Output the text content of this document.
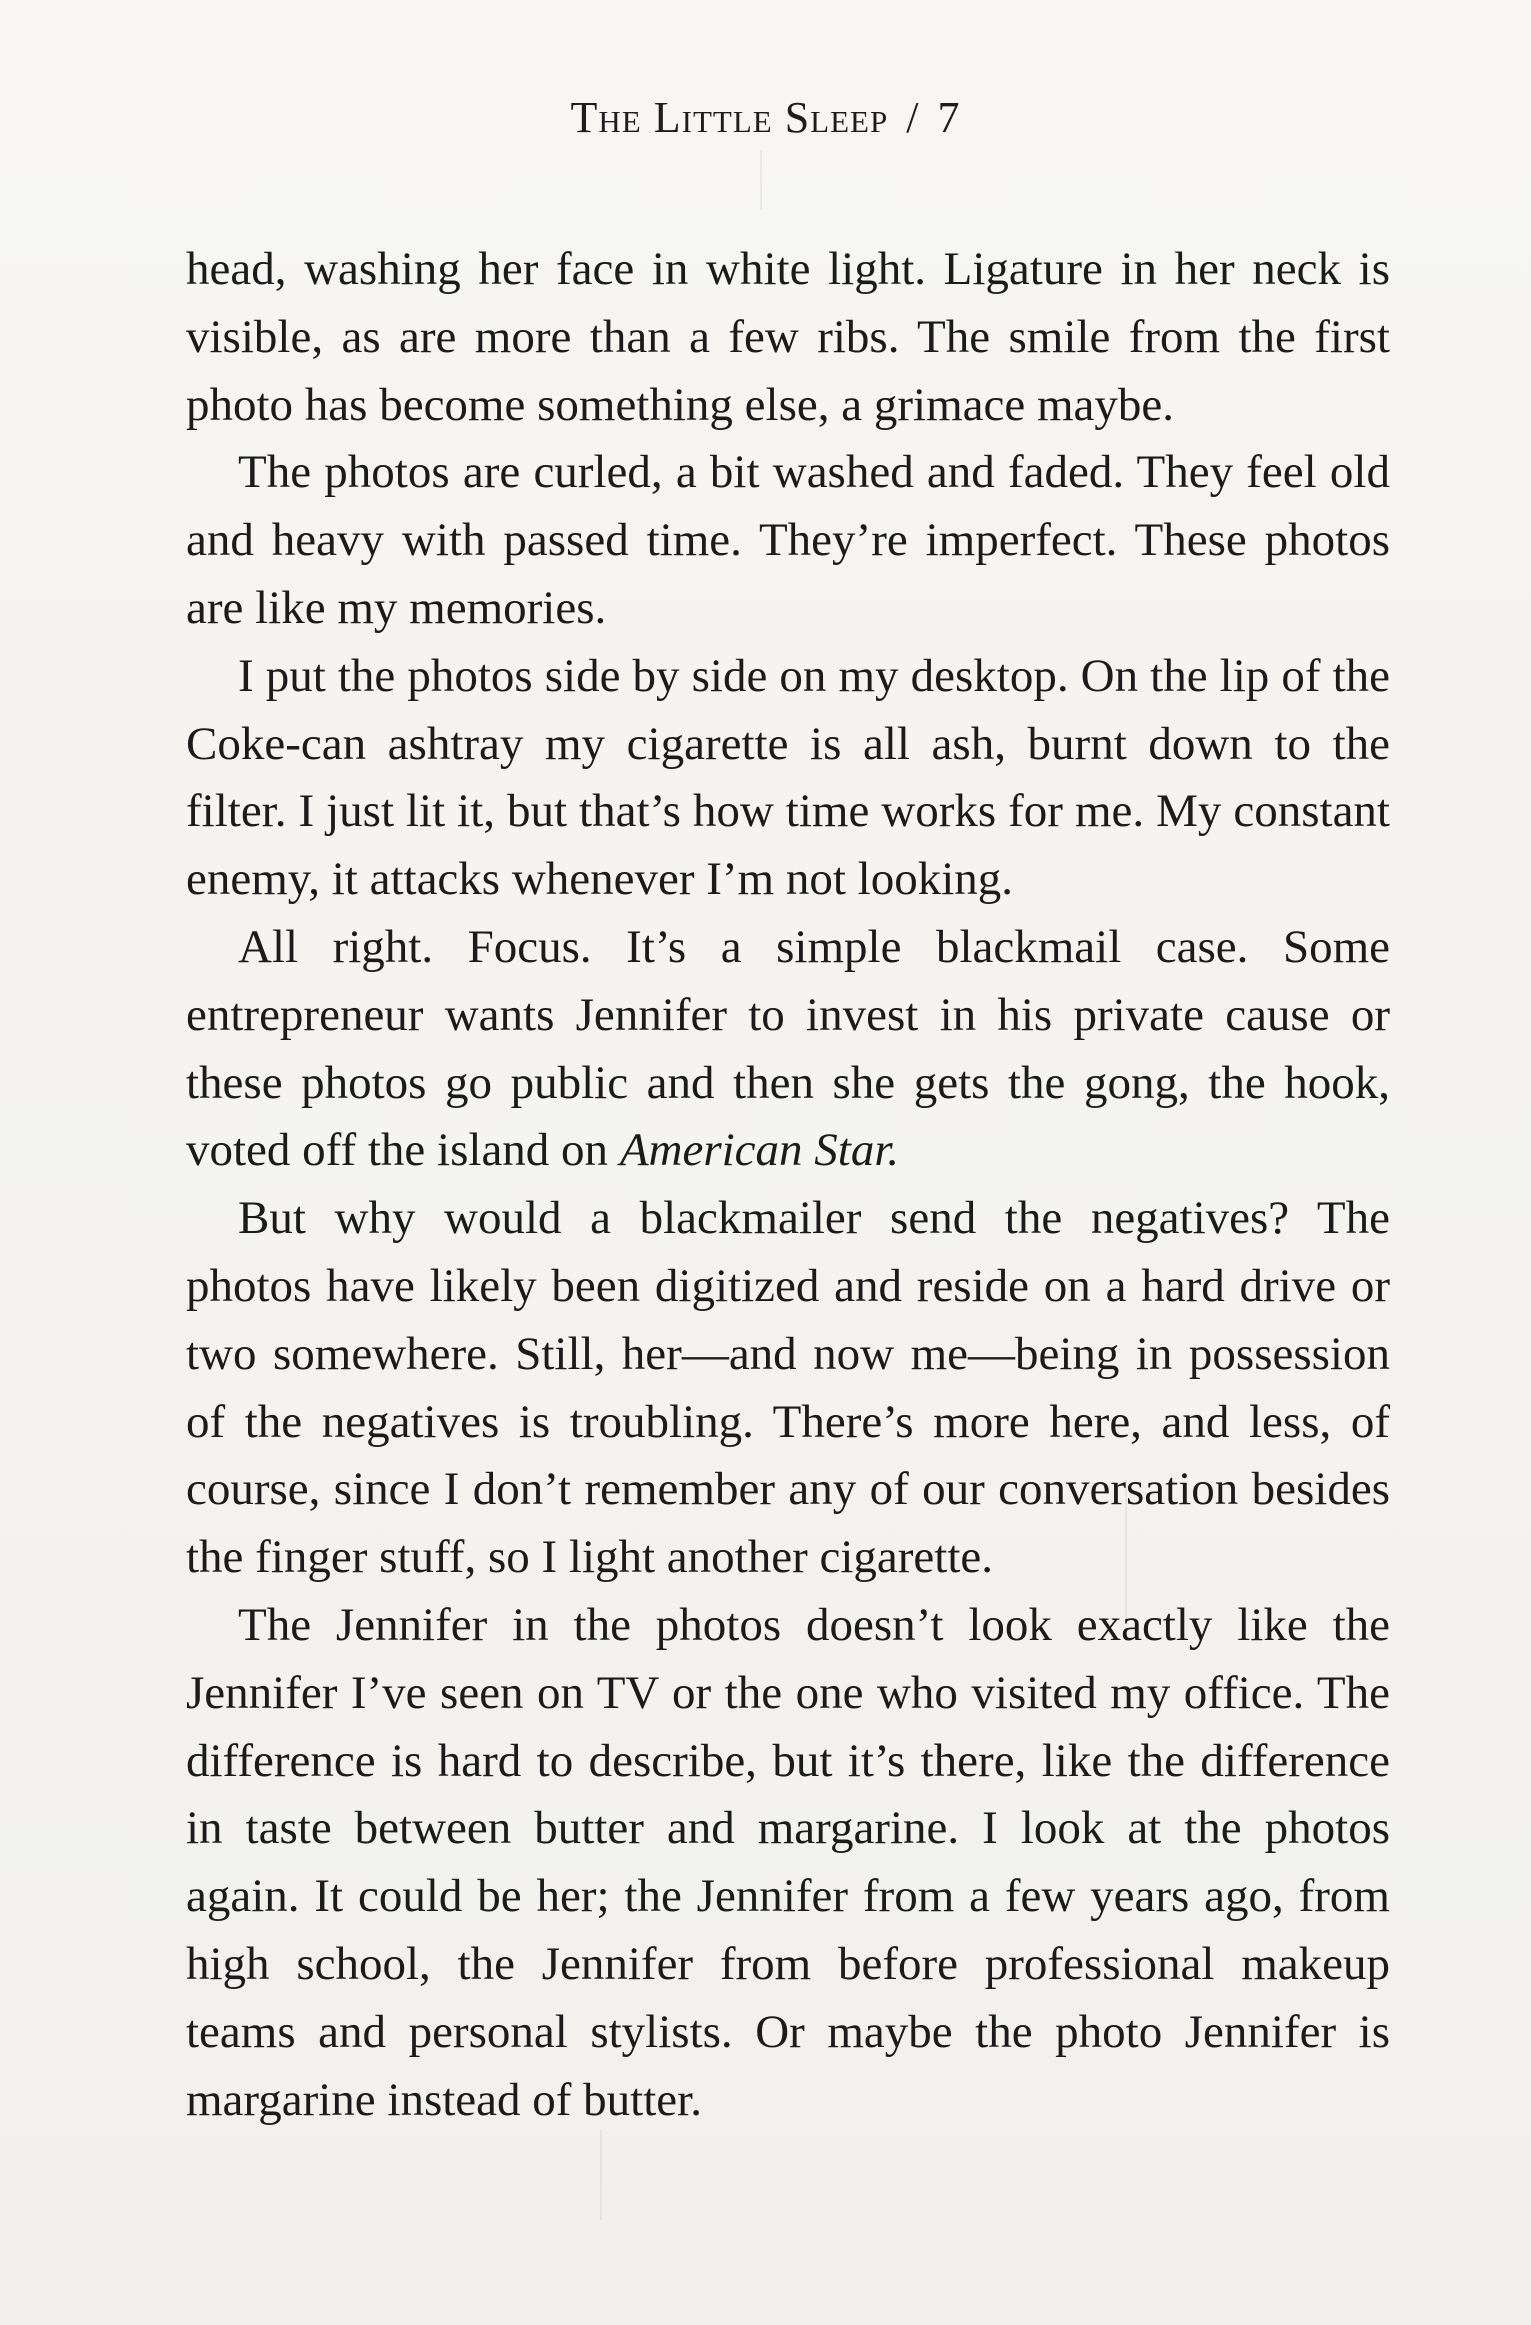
The Little Sleep / 7

head, washing her face in white light. Ligature in her neck is visible, as are more than a few ribs. The smile from the first photo has become something else, a grimace maybe.

The photos are curled, a bit washed and faded. They feel old and heavy with passed time. They’re imperfect. These photos are like my memories.

I put the photos side by side on my desktop. On the lip of the Coke-can ashtray my cigarette is all ash, burnt down to the filter. I just lit it, but that’s how time works for me. My constant enemy, it attacks whenever I’m not looking.

All right. Focus. It’s a simple blackmail case. Some entrepreneur wants Jennifer to invest in his private cause or these photos go public and then she gets the gong, the hook, voted off the island on American Star.

But why would a blackmailer send the negatives? The photos have likely been digitized and reside on a hard drive or two somewhere. Still, her—and now me—being in possession of the negatives is troubling. There’s more here, and less, of course, since I don’t remember any of our conversation besides the finger stuff, so I light another cigarette.

The Jennifer in the photos doesn’t look exactly like the Jennifer I’ve seen on TV or the one who visited my office. The difference is hard to describe, but it’s there, like the difference in taste between butter and margarine. I look at the photos again. It could be her; the Jennifer from a few years ago, from high school, the Jennifer from before professional makeup teams and personal stylists. Or maybe the photo Jennifer is margarine instead of butter.
